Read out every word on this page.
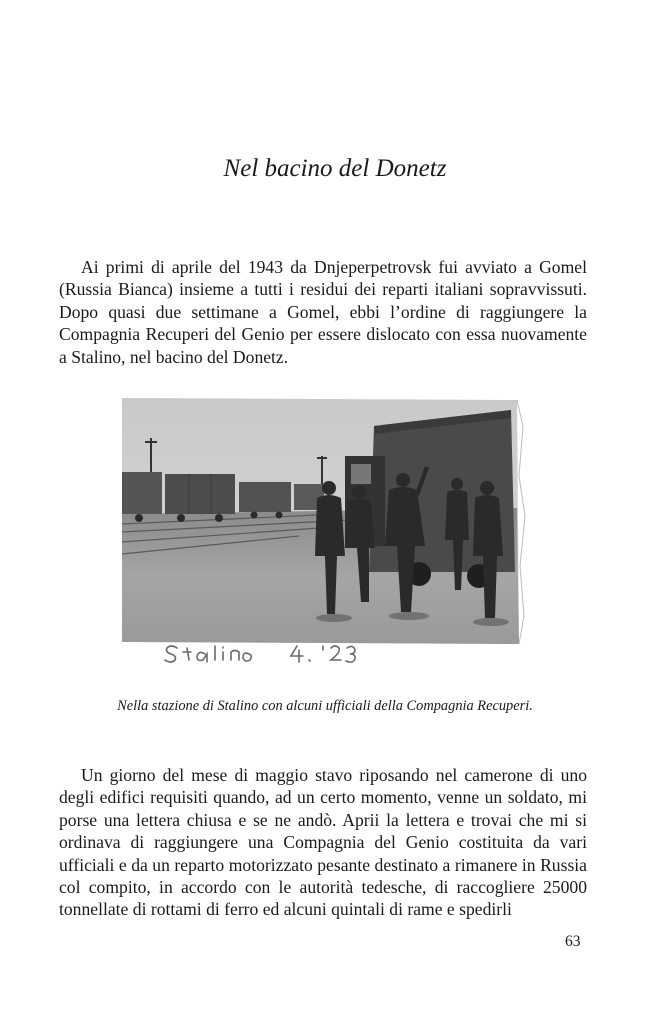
Nel bacino del Donetz

Ai primi di aprile del 1943 da Dnjeperpetrovsk fui avviato a Gomel (Russia Bianca) insieme a tutti i residui dei reparti italiani sopravvissuti. Dopo quasi due settimane a Gomel, ebbi l’ordine di raggiungere la Compagnia Recuperi del Genio per essere dislocato con essa nuovamente a Stalino, nel bacino del Donetz.

Nella stazione di Stalino con alcuni ufficiali della Compagnia Recuperi.

Un giorno del mese di maggio stavo riposando nel camerone di uno degli edifici requisiti quando, ad un certo momento, venne un soldato, mi porse una lettera chiusa e se ne andò. Aprii la lettera e trovai che mi si ordinava di raggiungere una Compagnia del Genio costituita da vari ufficiali e da un reparto motorizzato pesante destinato a rimanere in Russia col compito, in accordo con le autorità tedesche, di raccogliere 25000 tonnellate di rottami di ferro ed alcuni quintali di rame e spedirli

63
